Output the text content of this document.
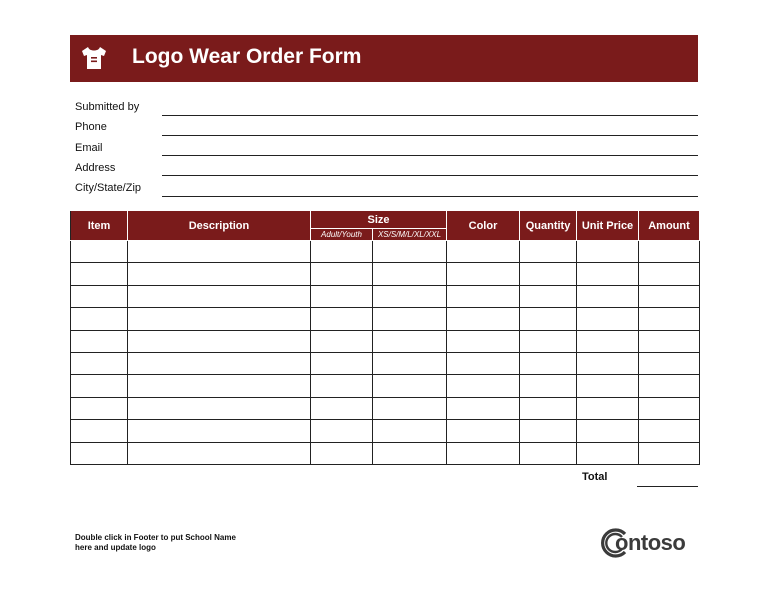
Logo Wear Order Form
Submitted by
Phone
Email
Address
City/State/Zip
Item	Description	Size		Color	Quantity	Unit Price	Amount
		Adult/Youth	XS/S/M/L/XL/XXL				

Total
Double click in Footer to put School Name here and update logo	ontoso
